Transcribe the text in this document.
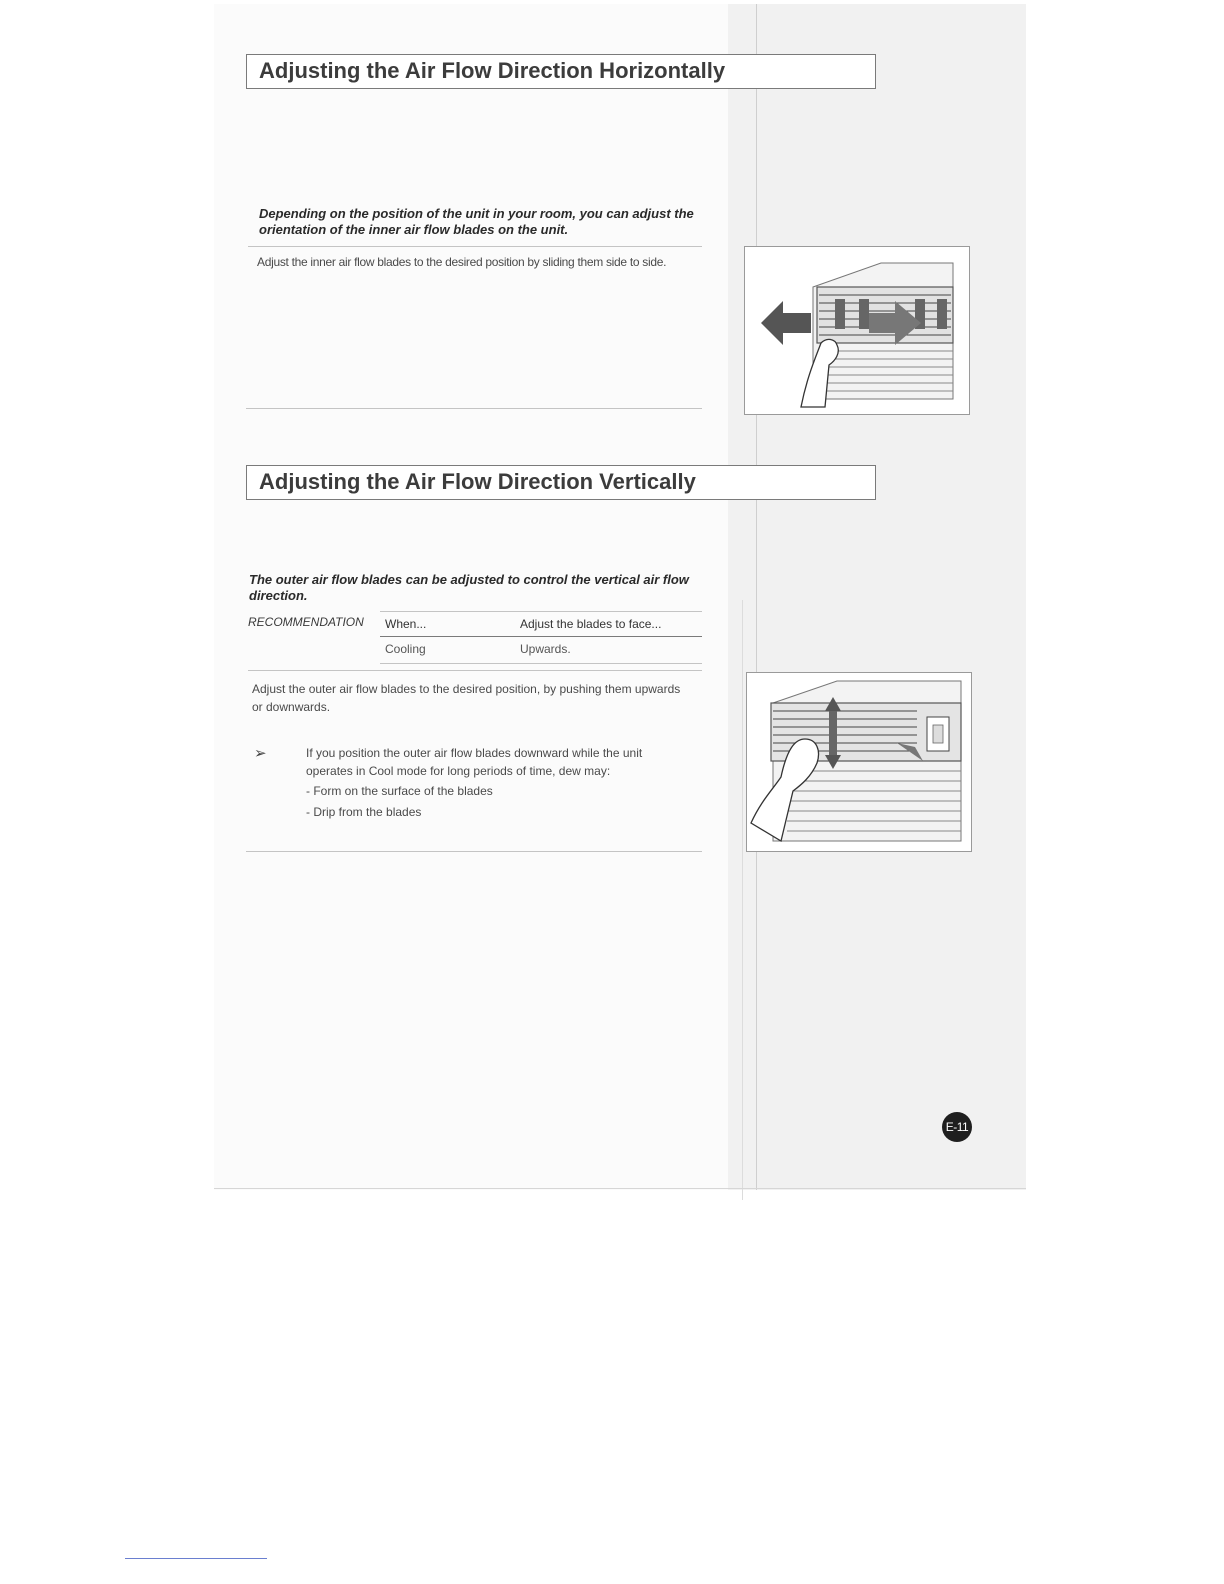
Adjusting the Air Flow Direction Horizontally
Depending on the position of the unit in your room, you can adjust the orientation of the inner air flow blades on the unit.
Adjust the inner air flow blades to the desired position by sliding them side to side.
Adjusting the Air Flow Direction Vertically
The outer air flow blades can be adjusted to control the vertical air flow direction.
RECOMMENDATION When...	Adjust the blades to face...
Cooling	Upwards.
Adjust the outer air flow blades to the desired position, by pushing them upwards or downwards.
➢	If you position the outer air flow blades downward while the unit operates in Cool mode for long periods of time, dew may:
- Form on the surface of the blades
- Drip from the blades
E-11
